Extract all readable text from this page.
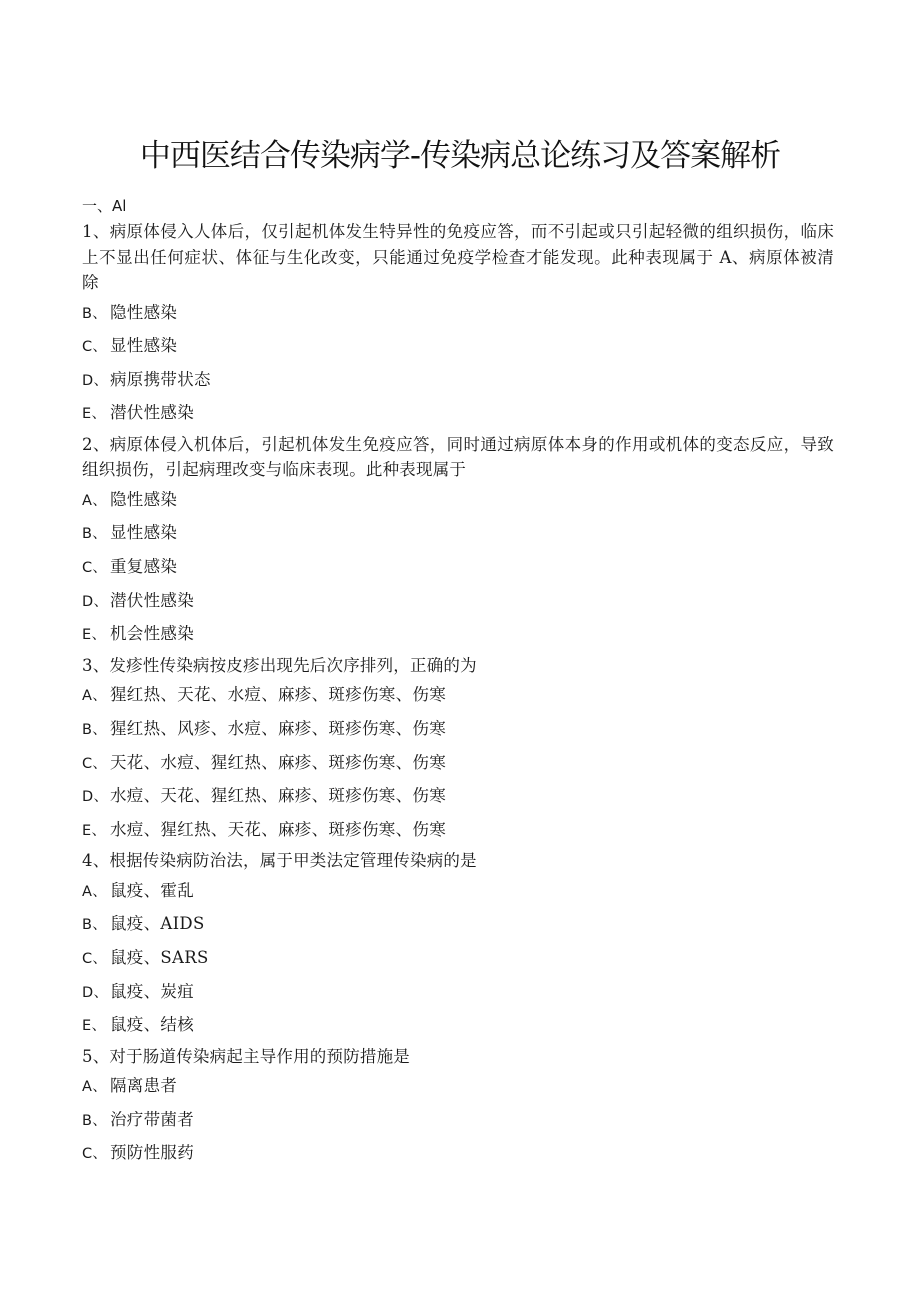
中西医结合传染病学-传染病总论练习及答案解析
一、Al
1、病原体侵入人体后，仅引起机体发生特异性的免疫应答，而不引起或只引起轻微的组织损伤，临床上不显出任何症状、体征与生化改变，只能通过免疫学检查才能发现。此种表现属于 A、病原体被清除
B、 隐性感染
C、 显性感染
D、 病原携带状态
E、 潜伏性感染
2、病原体侵入机体后，引起机体发生免疫应答，同时通过病原体本身的作用或机体的变态反应，导致组织损伤，引起病理改变与临床表现。此种表现属于
A、 隐性感染
B、 显性感染
C、 重复感染
D、 潜伏性感染
E、 机会性感染
3、发疹性传染病按皮疹出现先后次序排列，正确的为
A、 猩红热、天花、水痘、麻疹、斑疹伤寒、伤寒
B、 猩红热、风疹、水痘、麻疹、斑疹伤寒、伤寒
C、 天花、水痘、猩红热、麻疹、斑疹伤寒、伤寒
D、 水痘、天花、猩红热、麻疹、斑疹伤寒、伤寒
E、 水痘、猩红热、天花、麻疹、斑疹伤寒、伤寒
4、根据传染病防治法，属于甲类法定管理传染病的是
A、 鼠疫、霍乱
B、 鼠疫、AIDS
C、 鼠疫、SARS
D、 鼠疫、炭疽
E、 鼠疫、结核
5、对于肠道传染病起主导作用的预防措施是
A、 隔离患者
B、 治疗带菌者
C、 预防性服药
